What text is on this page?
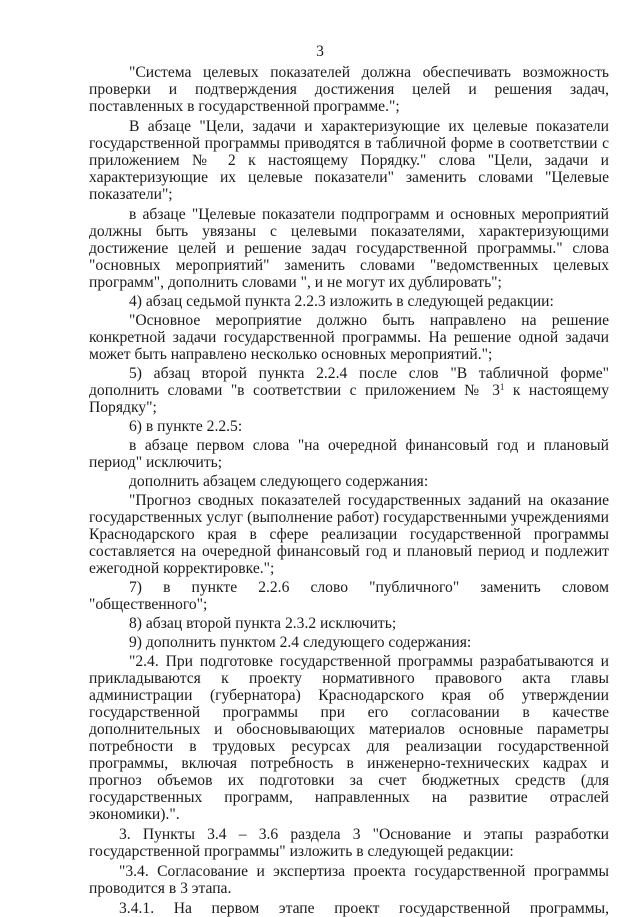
3

"Система целевых показателей должна обеспечивать возможность проверки и подтверждения достижения целей и решения задач, поставленных в государственной программе.";

В абзаце "Цели, задачи и характеризующие их целевые показатели государственной программы приводятся в табличной форме в соответствии с приложением № 2 к настоящему Порядку." слова "Цели, задачи и характеризующие их целевые показатели" заменить словами "Целевые показатели";

в абзаце "Целевые показатели подпрограмм и основных мероприятий должны быть увязаны с целевыми показателями, характеризующими достижение целей и решение задач государственной программы." слова "основных мероприятий" заменить словами "ведомственных целевых программ", дополнить словами ", и не могут их дублировать";

4) абзац седьмой пункта 2.2.3 изложить в следующей редакции:

"Основное мероприятие должно быть направлено на решение конкретной задачи государственной программы. На решение одной задачи может быть направлено несколько основных мероприятий.";

5) абзац второй пункта 2.2.4 после слов "В табличной форме" дополнить словами "в соответствии с приложением № $3^1$ к настоящему Порядку";

6) в пункте 2.2.5:

в абзаце первом слова "на очередной финансовый год и плановый период" исключить;

дополнить абзацем следующего содержания:

"Прогноз сводных показателей государственных заданий на оказание государственных услуг (выполнение работ) государственными учреждениями Краснодарского края в сфере реализации государственной программы составляется на очередной финансовый год и плановый период и подлежит ежегодной корректировке.";

7) в пункте 2.2.6 слово "публичного" заменить словом "общественного";

8) абзац второй пункта 2.3.2 исключить;

9) дополнить пунктом 2.4 следующего содержания:

"2.4. При подготовке государственной программы разрабатываются и прикладываются к проекту нормативного правового акта главы администрации (губернатора) Краснодарского края об утверждении государственной программы при его согласовании в качестве дополнительных и обосновывающих материалов основные параметры потребности в трудовых ресурсах для реализации государственной программы, включая потребность в инженерно-технических кадрах и прогноз объемов их подготовки за счет бюджетных средств (для государственных программ, направленных на развитие отраслей экономики).".

3. Пункты 3.4 – 3.6 раздела 3 "Основание и этапы разработки государственной программы" изложить в следующей редакции:

"3.4. Согласование и экспертиза проекта государственной программы проводится в 3 этапа.

3.4.1. На первом этапе проект государственной программы,
